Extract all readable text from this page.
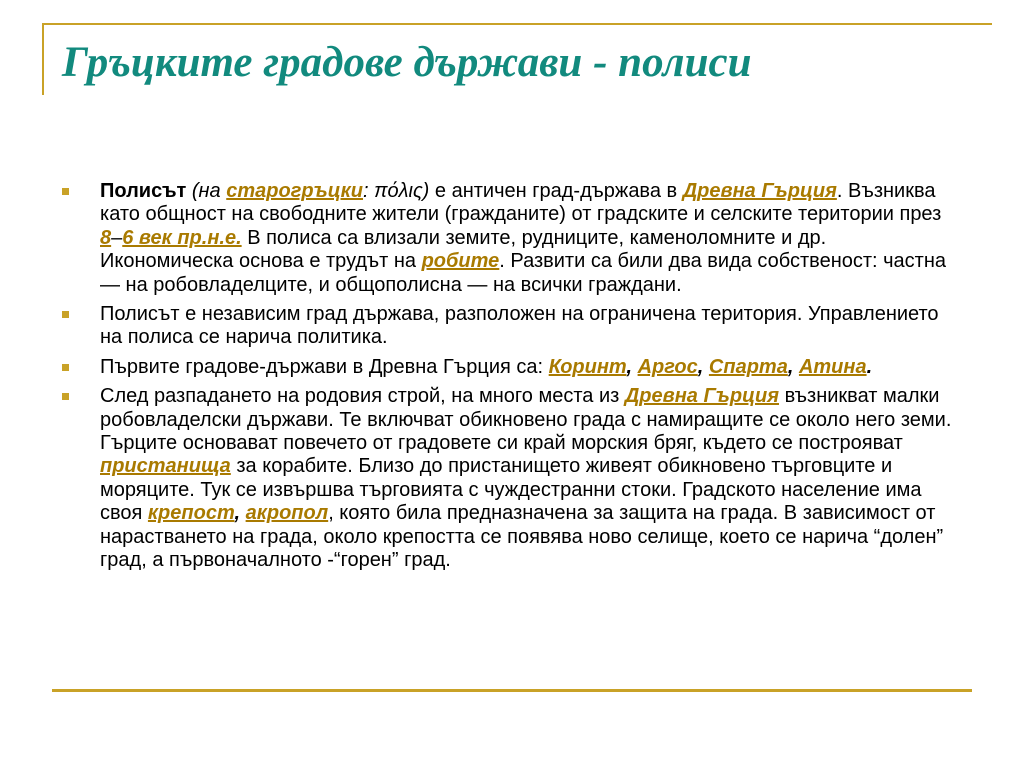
Гръцките градове държави - полиси
Полисът (на старогръцки: πόλις) е античен град-държава в Древна Гърция. Възниква като общност на свободните жители (гражданите) от градските и селските територии през 8–6 век пр.н.е. В полиса са влизали земите, рудниците, каменоломните и др. Икономическа основа е трудът на робите. Развити са били два вида собственост: частна — на робовладелците, и общополисна — на всички граждани.
Полисът е независим град държава, разположен на ограничена територия. Управлението на полиса се нарича политика.
Първите градове-държави в Древна Гърция са: Коринт, Аргос, Спарта, Атина.
След разпадането на родовия строй, на много места из Древна Гърция възникват малки робовладелски държави. Те включват обикновено града с намиращите се около него земи. Гърците основават повечето от градовете си край морския бряг, където се построяват пристанища за корабите. Близо до пристанището живеят обикновено търговците и моряците. Тук се извършва търговията с чуждестранни стоки. Градското население има своя крепост, акропол, която била предназначена за защита на града. В зависимост от нарастването на града, около крепостта се появява ново селище, което се нарича “долен” град, а първоначалното -“горен” град.
